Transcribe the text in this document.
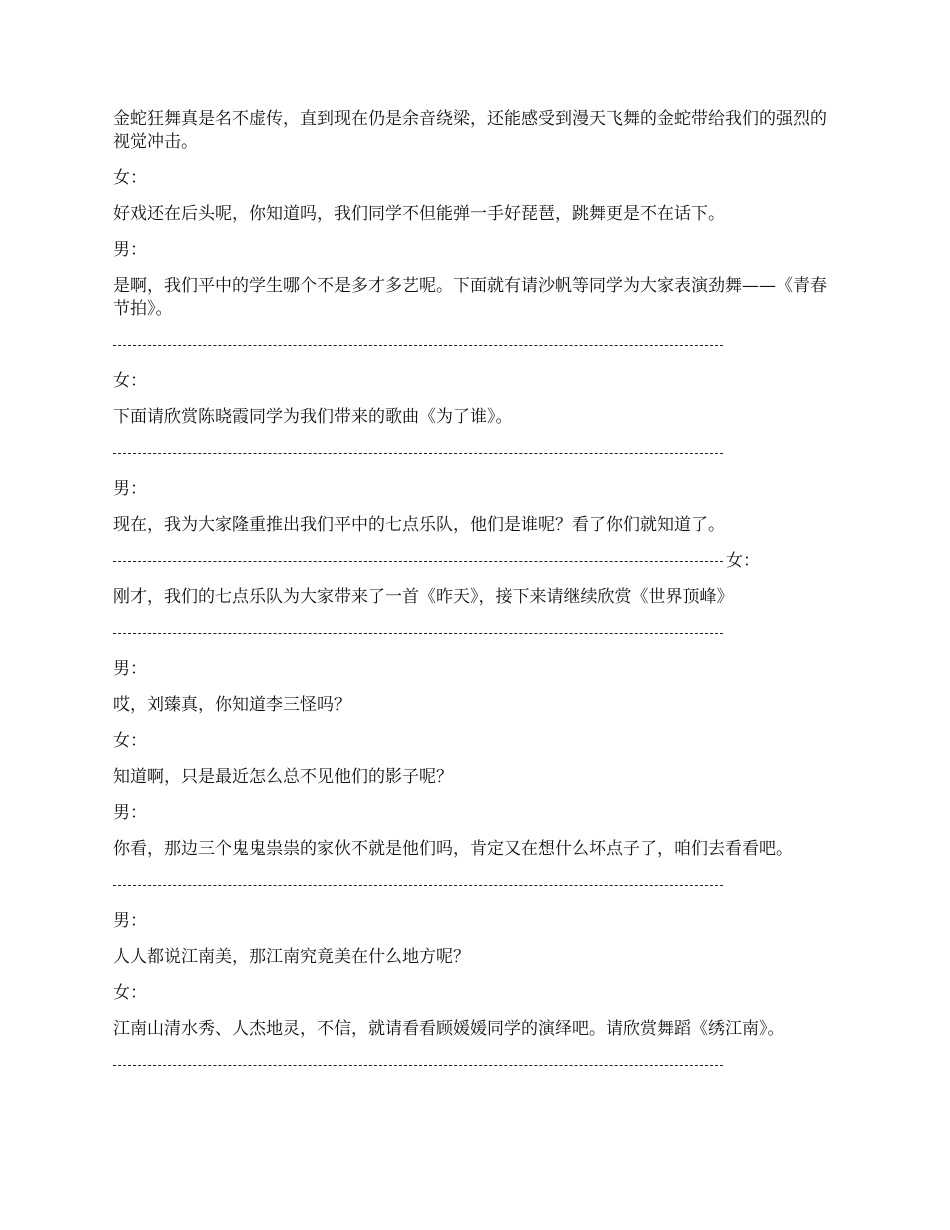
金蛇狂舞真是名不虚传，直到现在仍是余音绕梁，还能感受到漫天飞舞的金蛇带给我们的强烈的视觉冲击。

女：

好戏还在后头呢，你知道吗，我们同学不但能弹一手好琵琶，跳舞更是不在话下。

男：

是啊，我们平中的学生哪个不是多才多艺呢。下面就有请沙帆等同学为大家表演劲舞——《青春节拍》。

女：

下面请欣赏陈晓霞同学为我们带来的歌曲《为了谁》。

男：

现在，我为大家隆重推出我们平中的七点乐队，他们是谁呢？看了你们就知道了。

女：

刚才，我们的七点乐队为大家带来了一首《昨天》，接下来请继续欣赏《世界顶峰》

男：

哎，刘臻真，你知道李三怪吗？

女：

知道啊，只是最近怎么总不见他们的影子呢？

男：

你看，那边三个鬼鬼祟祟的家伙不就是他们吗，肯定又在想什么坏点子了，咱们去看看吧。

男：

人人都说江南美，那江南究竟美在什么地方呢？

女：

江南山清水秀、人杰地灵，不信，就请看看顾媛媛同学的演绎吧。请欣赏舞蹈《绣江南》。
